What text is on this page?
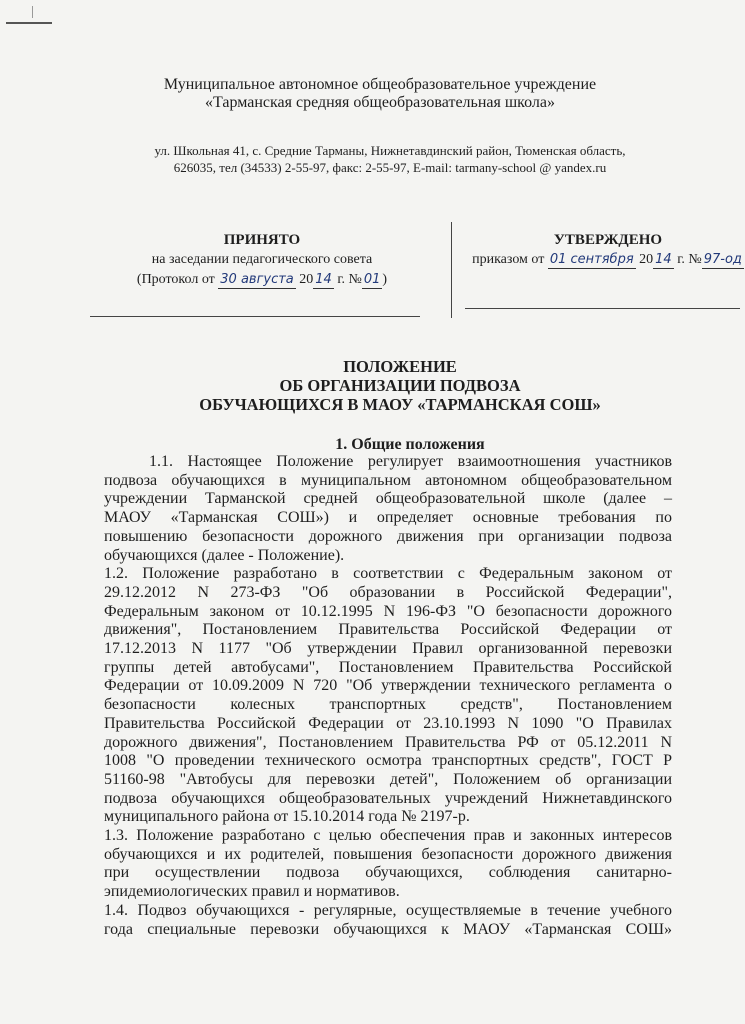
Муниципальное автономное общеобразовательное учреждение
«Тарманская средняя общеобразовательная школа»
ул. Школьная 41, с. Средние Тарманы, Нижнетавдинский район, Тюменская область,
626035, тел (34533) 2-55-97, факс: 2-55-97, E-mail: tarmany-school @ yandex.ru
ПРИНЯТО
на заседании педагогического совета
(Протокол от 30 августа 20 14 г. № 01 )
УТВЕРЖДЕНО
приказом от 01 сентября 20 14 г. № 97-од
ПОЛОЖЕНИЕ
ОБ ОРГАНИЗАЦИИ ПОДВОЗА
ОБУЧАЮЩИХСЯ В МАОУ «ТАРМАНСКАЯ СОШ»
1. Общие положения

1.1. Настоящее Положение регулирует взаимоотношения участников
подвоза обучающихся в муниципальном автономном общеобразовательном
учреждении Тарманской средней общеобразовательной школе (далее –
МАОУ «Тарманская СОШ») и определяет основные требования по
повышению безопасности дорожного движения при организации подвоза
обучающихся (далее - Положение).

1.2. Положение разработано в соответствии с Федеральным законом от
29.12.2012 N 273-ФЗ "Об образовании в Российской Федерации",
Федеральным законом от 10.12.1995 N 196-ФЗ "О безопасности дорожного
движения", Постановлением Правительства Российской Федерации от
17.12.2013 N 1177 "Об утверждении Правил организованной перевозки
группы детей автобусами", Постановлением Правительства Российской
Федерации от 10.09.2009 N 720 "Об утверждении технического регламента о
безопасности колесных транспортных средств", Постановлением
Правительства Российской Федерации от 23.10.1993 N 1090 "О Правилах
дорожного движения", Постановлением Правительства РФ от 05.12.2011 N
1008 "О проведении технического осмотра транспортных средств", ГОСТ Р
51160-98 "Автобусы для перевозки детей", Положением об организации
подвоза обучающихся общеобразовательных учреждений Нижнетавдинского
муниципального района от 15.10.2014 года № 2197-р.

1.3. Положение разработано с целью обеспечения прав и законных интересов
обучающихся и их родителей, повышения безопасности дорожного движения
при осуществлении подвоза обучающихся, соблюдения санитарно-
эпидемиологических правил и нормативов.

1.4. Подвоз обучающихся - регулярные, осуществляемые в течение учебного
года специальные перевозки обучающихся к МАОУ «Тарманская СОШ»
